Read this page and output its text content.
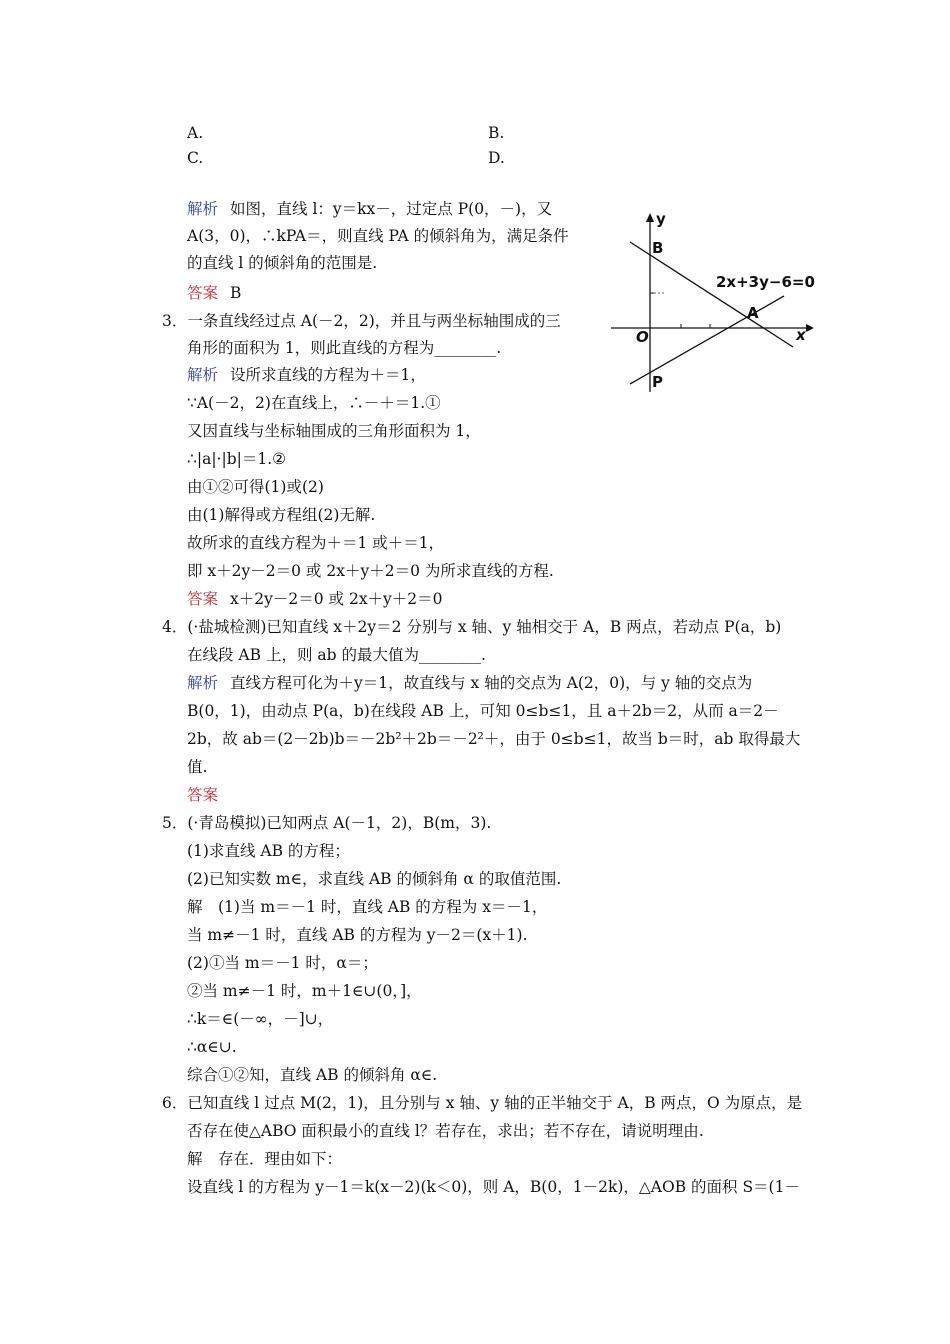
A.	B.
C.	D.
解析 如图，直线 l：y＝kx－，过定点 P(0，－)，又
A(3，0)，∴kPA＝，则直线 PA 的倾斜角为，满足条件
的直线 l 的倾斜角的范围是.
答案 B
y
x
O
B
A
P
2x+3y−6=0
3．一条直线经过点 A(－2，2)，并且与两坐标轴围成的三
角形的面积为 1，则此直线的方程为________.
解析 设所求直线的方程为＋＝1，
∵A(－2，2)在直线上，∴－＋＝1.①
又因直线与坐标轴围成的三角形面积为 1，
∴|a|·|b|＝1.②
由①②可得(1)或(2)
由(1)解得或方程组(2)无解.
故所求的直线方程为＋＝1 或＋＝1，
即 x＋2y－2＝0 或 2x＋y＋2＝0 为所求直线的方程.
答案 x＋2y－2＝0 或 2x＋y＋2＝0
4．(·盐城检测)已知直线 x＋2y＝2 分别与 x 轴、y 轴相交于 A，B 两点，若动点 P(a，b)
在线段 AB 上，则 ab 的最大值为________.
解析 直线方程可化为＋y＝1，故直线与 x 轴的交点为 A(2，0)，与 y 轴的交点为
B(0，1)，由动点 P(a，b)在线段 AB 上，可知 0≤b≤1，且 a＋2b＝2，从而 a＝2－
2b，故 ab＝(2－2b)b＝－2b²＋2b＝－2²＋，由于 0≤b≤1，故当 b＝时，ab 取得最大
值.
答案
5．(·青岛模拟)已知两点 A(－1，2)，B(m，3).
(1)求直线 AB 的方程；
(2)已知实数 m∈，求直线 AB 的倾斜角 α 的取值范围.
解　(1)当 m＝－1 时，直线 AB 的方程为 x＝－1，
当 m≠－1 时，直线 AB 的方程为 y－2＝(x＋1).
(2)①当 m＝－1 时，α＝；
②当 m≠－1 时，m＋1∈∪(0，]，
∴k＝∈(－∞，－]∪，
∴α∈∪.
综合①②知，直线 AB 的倾斜角 α∈.
6．已知直线 l 过点 M(2，1)，且分别与 x 轴、y 轴的正半轴交于 A，B 两点，O 为原点，是
否存在使△ABO 面积最小的直线 l？若存在，求出；若不存在，请说明理由.
解　存在．理由如下：
设直线 l 的方程为 y－1＝k(x－2)(k＜0)，则 A，B(0，1－2k)，△AOB 的面积 S＝(1－
